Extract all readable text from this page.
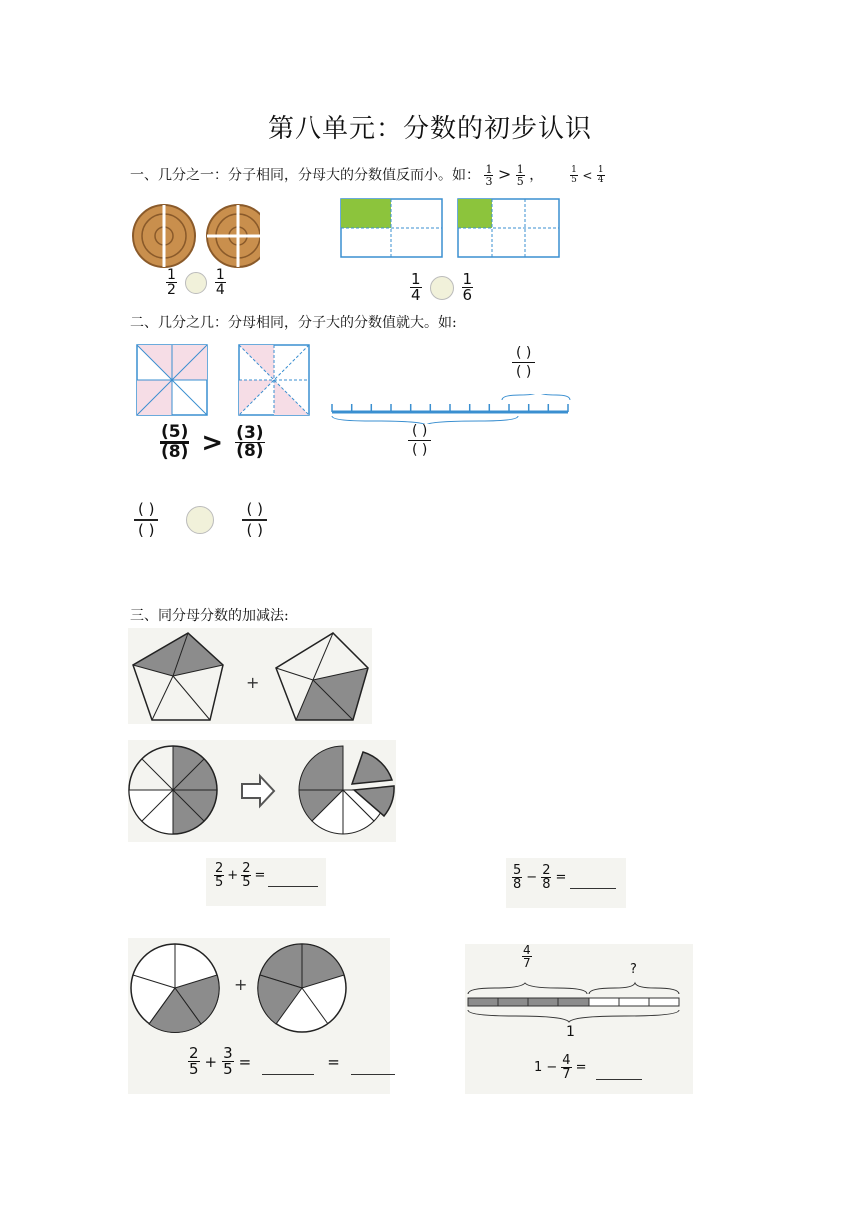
第八单元：分数的初步认识
一、几分之一：分子相同，分母大的分数值反而小。如： $\frac{1}{3} > \frac{1}{5}$ ，	$\frac{1}{5} < \frac{1}{4}$
$\frac{1}{2}$	$\frac{1}{4}$	$\frac{1}{4}$	$\frac{1}{6}$
二、几分之几：分母相同，分子大的分数值就大。如:
$\frac{(5)}{(8)} > \frac{(3)}{(8)}$
$\frac{( )}{( )}$
$\frac{( )}{( )}$
$\frac{( )}{( )}$	$\frac{( )}{( )}$
三、同分母分数的加减法:
+
$\frac{2}{5} + \frac{2}{5}$ =	$\frac{5}{8} - \frac{2}{8}$ =
+
$\frac{2}{5} + \frac{3}{5}$ =	=
$\frac{4}{7}$
?
1
$1 - \frac{4}{7}$ =
